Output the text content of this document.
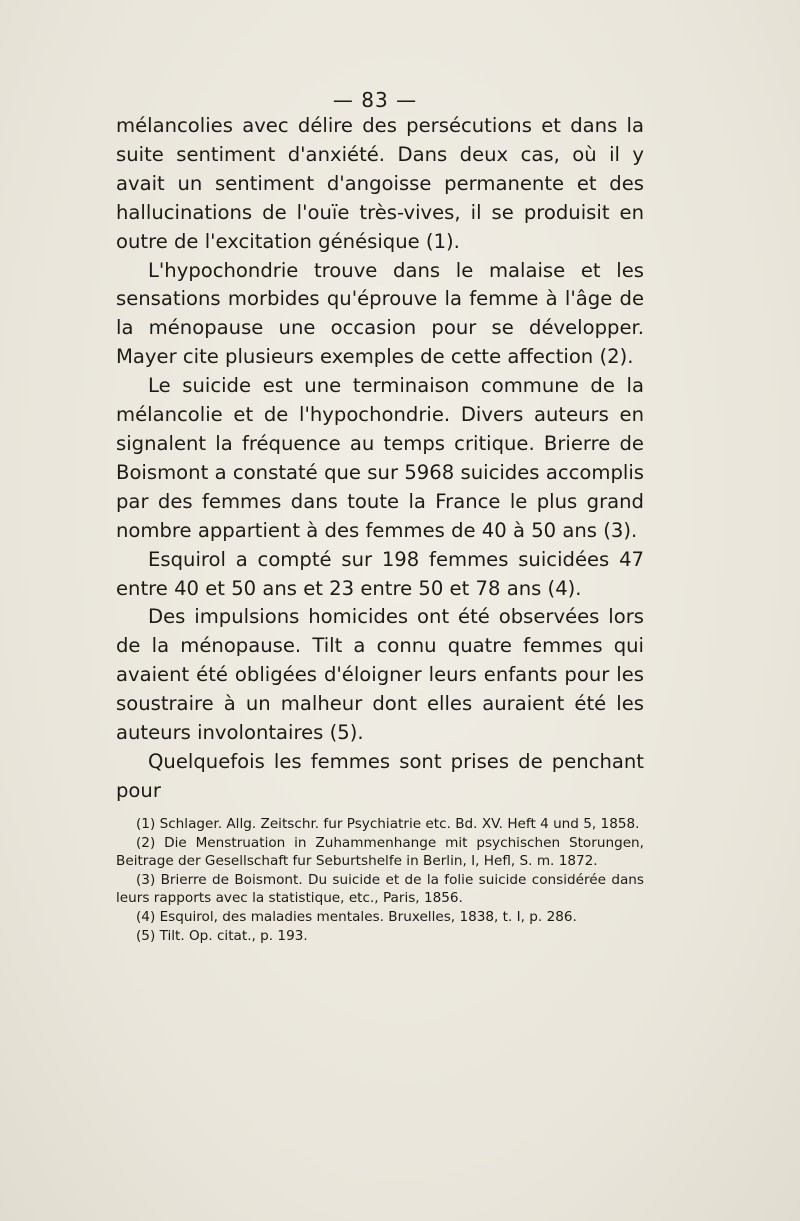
— 83 —

mélancolies avec délire des persécutions et dans la suite sentiment d'anxiété. Dans deux cas, où il y avait un sentiment d'angoisse permanente et des hallucinations de l'ouïe très-vives, il se produisit en outre de l'excitation génésique (1).

L'hypochondrie trouve dans le malaise et les sensations morbides qu'éprouve la femme à l'âge de la ménopause une occasion pour se développer. Mayer cite plusieurs exemples de cette affection (2).

Le suicide est une terminaison commune de la mélancolie et de l'hypochondrie. Divers auteurs en signalent la fréquence au temps critique. Brierre de Boismont a constaté que sur 5968 suicides accomplis par des femmes dans toute la France le plus grand nombre appartient à des femmes de 40 à 50 ans (3).

Esquirol a compté sur 198 femmes suicidées 47 entre 40 et 50 ans et 23 entre 50 et 78 ans (4).

Des impulsions homicides ont été observées lors de la ménopause. Tilt a connu quatre femmes qui avaient été obligées d'éloigner leurs enfants pour les soustraire à un malheur dont elles auraient été les auteurs involontaires (5).

Quelquefois les femmes sont prises de penchant pour

(1) Schlager. Allg. Zeitschr. fur Psychiatrie etc. Bd. XV. Heft 4 und 5, 1858.

(2) Die Menstruation in Zuhammenhange mit psychischen Storungen, Beitrage der Gesellschaft fur Seburtshelfe in Berlin, I, Hefl, S. m. 1872.

(3) Brierre de Boismont. Du suicide et de la folie suicide considérée dans leurs rapports avec la statistique, etc., Paris, 1856.

(4) Esquirol, des maladies mentales. Bruxelles, 1838, t. I, p. 286.

(5) Tilt. Op. citat., p. 193.
